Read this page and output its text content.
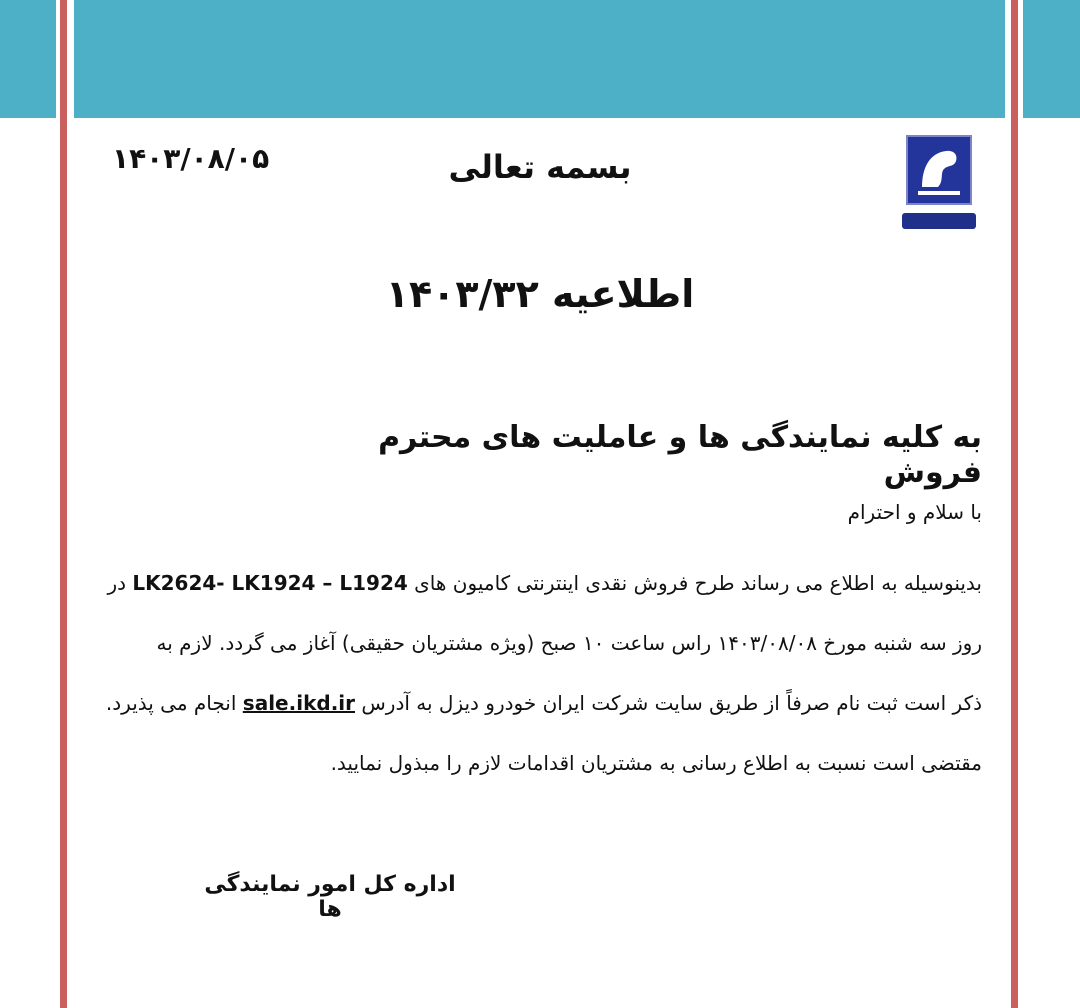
۱۴۰۳/۰۸/۰۵	بسمه تعالی
اطلاعیه ۱۴۰۳/۳۲
به کلیه نمایندگی ها و عاملیت های محترم فروش
با سلام و احترام
بدینوسیله به اطلاع می رساند طرح فروش نقدی اینترنتی کامیون های LK2624- LK1924 – L1924 در
روز سه شنبه مورخ ۱۴۰۳/۰۸/۰۸ راس ساعت ۱۰ صبح (ویژه مشتریان حقیقی) آغاز می گردد. لازم به
ذکر است ثبت نام صرفاً از طریق سایت شرکت ایران خودرو دیزل به آدرس sale.ikd.ir انجام می پذیرد.
مقتضی است نسبت به اطلاع رسانی به مشتریان اقدامات لازم را مبذول نمایید.
اداره کل امور نمایندگی ها
